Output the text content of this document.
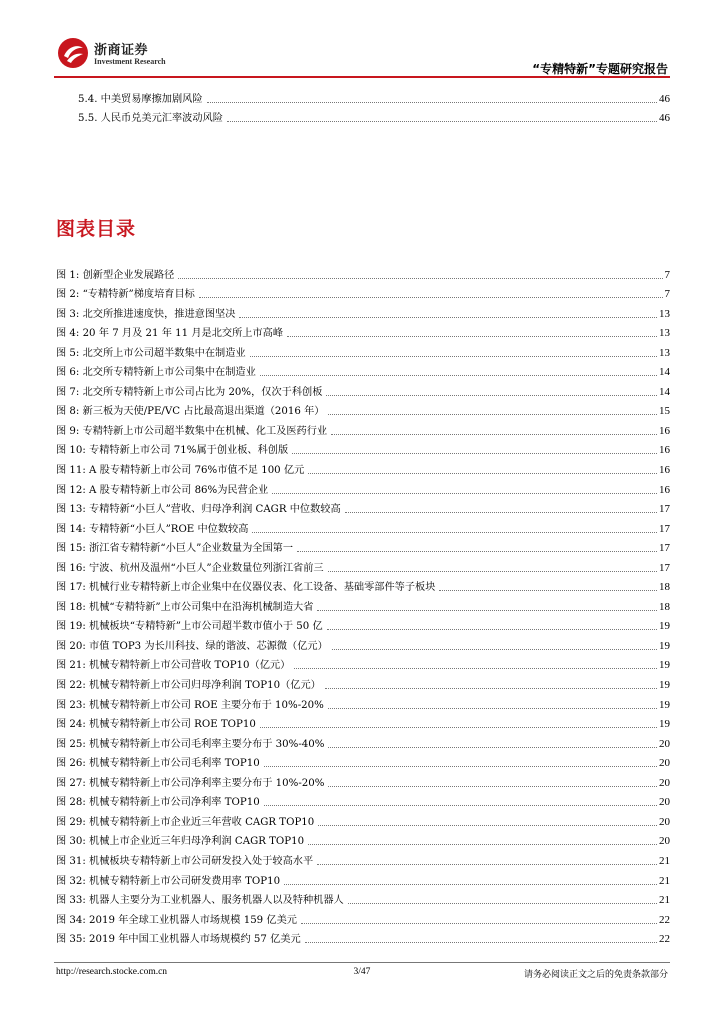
浙商证券
Investment Research
“专精特新”专题研究报告
5.4. 中美贸易摩擦加剧风险	46
5.5. 人民币兑美元汇率波动风险	46
图表目录
图 1: 创新型企业发展路径	7
图 2: “专精特新”梯度培育目标	7
图 3: 北交所推进速度快，推进意图坚决	13
图 4: 20 年 7 月及 21 年 11 月是北交所上市高峰	13
图 5: 北交所上市公司超半数集中在制造业	13
图 6: 北交所专精特新上市公司集中在制造业	14
图 7: 北交所专精特新上市公司占比为 20%，仅次于科创板	14
图 8: 新三板为天使/PE/VC 占比最高退出渠道（2016 年）	15
图 9: 专精特新上市公司超半数集中在机械、化工及医药行业	16
图 10: 专精特新上市公司 71%属于创业板、科创版	16
图 11: A 股专精特新上市公司 76%市值不足 100 亿元	16
图 12: A 股专精特新上市公司 86%为民营企业	16
图 13: 专精特新“小巨人”营收、归母净利润 CAGR 中位数较高	17
图 14: 专精特新“小巨人”ROE 中位数较高	17
图 15: 浙江省专精特新“小巨人”企业数量为全国第一	17
图 16: 宁波、杭州及温州“小巨人”企业数量位列浙江省前三	17
图 17: 机械行业专精特新上市企业集中在仪器仪表、化工设备、基础零部件等子板块	18
图 18: 机械“专精特新”上市公司集中在沿海机械制造大省	18
图 19: 机械板块“专精特新”上市公司超半数市值小于 50 亿	19
图 20: 市值 TOP3 为长川科技、绿的谐波、芯源微（亿元）	19
图 21: 机械专精特新上市公司营收 TOP10（亿元）	19
图 22: 机械专精特新上市公司归母净利润 TOP10（亿元）	19
图 23: 机械专精特新上市公司 ROE 主要分布于 10%-20%	19
图 24: 机械专精特新上市公司 ROE TOP10	19
图 25: 机械专精特新上市公司毛利率主要分布于 30%-40%	20
图 26: 机械专精特新上市公司毛利率 TOP10	20
图 27: 机械专精特新上市公司净利率主要分布于 10%-20%	20
图 28: 机械专精特新上市公司净利率 TOP10	20
图 29: 机械专精特新上市企业近三年营收 CAGR TOP10	20
图 30: 机械上市企业近三年归母净利润 CAGR TOP10	20
图 31: 机械板块专精特新上市公司研发投入处于较高水平	21
图 32: 机械专精特新上市公司研发费用率 TOP10	21
图 33: 机器人主要分为工业机器人、服务机器人以及特种机器人	21
图 34: 2019 年全球工业机器人市场规模 159 亿美元	22
图 35: 2019 年中国工业机器人市场规模约 57 亿美元	22
http://research.stocke.com.cn	3/47	请务必阅读正文之后的免责条款部分
